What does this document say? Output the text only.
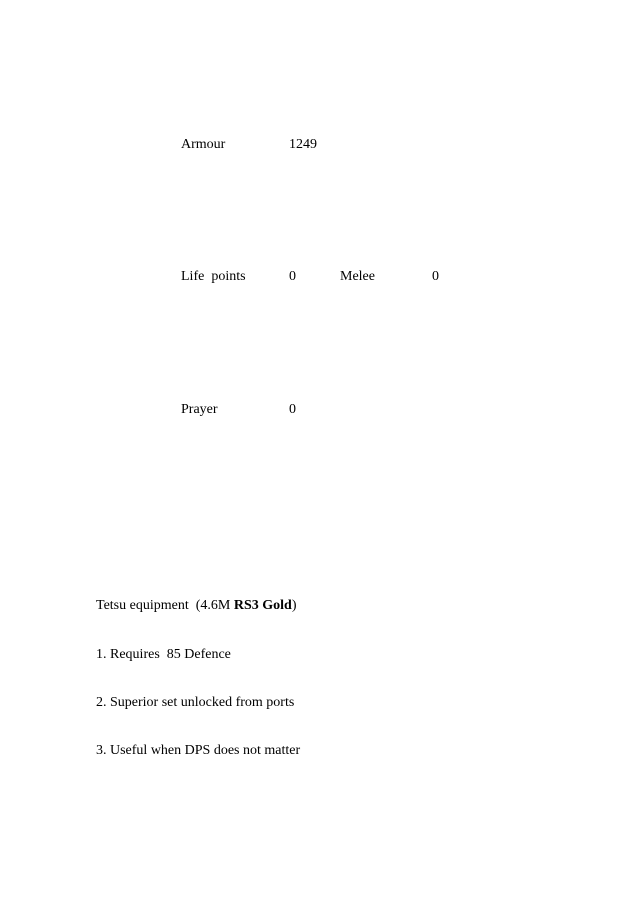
Armour	1249
Life  points	0	Melee	0
Prayer	0
Tetsu equipment  (4.6M RS3 Gold)
1. Requires  85 Defence
2. Superior set unlocked from ports
3. Useful when DPS does not matter
